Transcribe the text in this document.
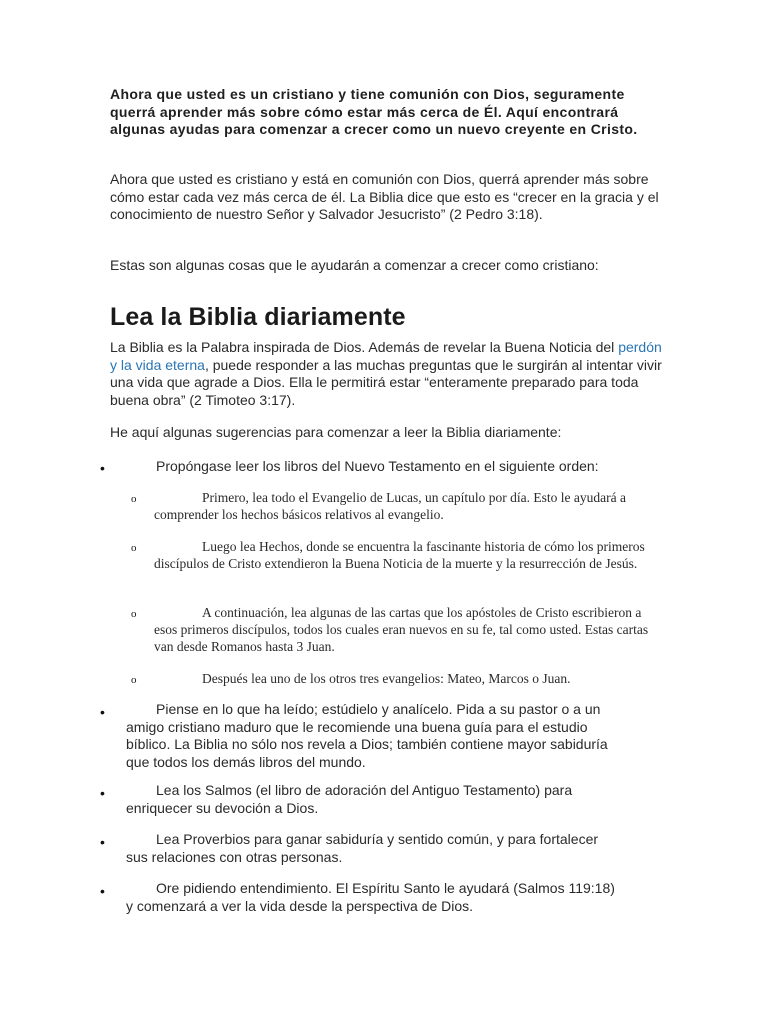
Ahora que usted es un cristiano y tiene comunión con Dios, seguramente querrá aprender más sobre cómo estar más cerca de Él. Aquí encontrará algunas ayudas para comenzar a crecer como un nuevo creyente en Cristo.
Ahora que usted es cristiano y está en comunión con Dios, querrá aprender más sobre cómo estar cada vez más cerca de él. La Biblia dice que esto es “crecer en la gracia y el conocimiento de nuestro Señor y Salvador Jesucristo” (2 Pedro 3:18).
Estas son algunas cosas que le ayudarán a comenzar a crecer como cristiano:
Lea la Biblia diariamente
La Biblia es la Palabra inspirada de Dios. Además de revelar la Buena Noticia del perdón y la vida eterna, puede responder a las muchas preguntas que le surgirán al intentar vivir una vida que agrade a Dios. Ella le permitirá estar “enteramente preparado para toda buena obra” (2 Timoteo 3:17).
He aquí algunas sugerencias para comenzar a leer la Biblia diariamente:
•	Propóngase leer los libros del Nuevo Testamento en el siguiente orden:
o	Primero, lea todo el Evangelio de Lucas, un capítulo por día. Esto le ayudará a comprender los hechos básicos relativos al evangelio.
o	Luego lea Hechos, donde se encuentra la fascinante historia de cómo los primeros discípulos de Cristo extendieron la Buena Noticia de la muerte y la resurrección de Jesús.
o	A continuación, lea algunas de las cartas que los apóstoles de Cristo escribieron a esos primeros discípulos, todos los cuales eran nuevos en su fe, tal como usted. Estas cartas van desde Romanos hasta 3 Juan.
o	Después lea uno de los otros tres evangelios: Mateo, Marcos o Juan.
•	Piense en lo que ha leído; estúdielo y analícelo. Pida a su pastor o a un amigo cristiano maduro que le recomiende una buena guía para el estudio bíblico. La Biblia no sólo nos revela a Dios; también contiene mayor sabiduría que todos los demás libros del mundo.
•	Lea los Salmos (el libro de adoración del Antiguo Testamento) para enriquecer su devoción a Dios.
•	Lea Proverbios para ganar sabiduría y sentido común, y para fortalecer sus relaciones con otras personas.
•	Ore pidiendo entendimiento. El Espíritu Santo le ayudará (Salmos 119:18) y comenzará a ver la vida desde la perspectiva de Dios.
